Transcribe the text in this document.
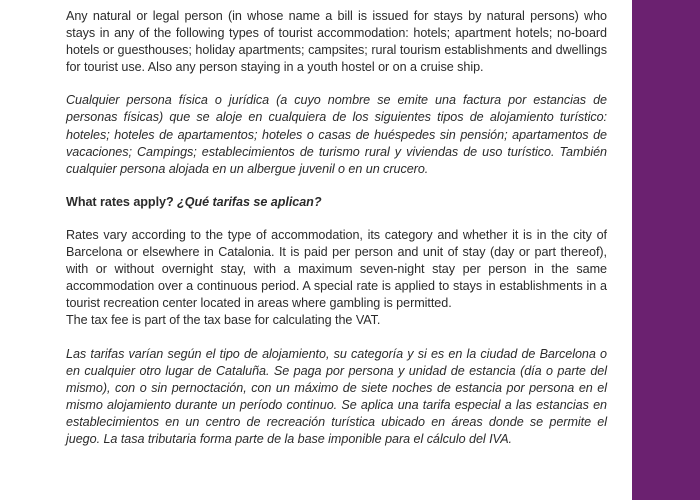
Any natural or legal person (in whose name a bill is issued for stays by natural persons) who stays in any of the following types of tourist accommodation: hotels; apartment hotels; no-board hotels or guesthouses; holiday apartments; campsites; rural tourism establishments and dwellings for tourist use. Also any person staying in a youth hostel or on a cruise ship.

Cualquier persona física o jurídica (a cuyo nombre se emite una factura por estancias de personas físicas) que se aloje en cualquiera de los siguientes tipos de alojamiento turístico: hoteles; hoteles de apartamentos; hoteles o casas de huéspedes sin pensión; apartamentos de vacaciones; Campings; establecimientos de turismo rural y viviendas de uso turístico. También cualquier persona alojada en un albergue juvenil o en un crucero.

What rates apply? ¿Qué tarifas se aplican?

Rates vary according to the type of accommodation, its category and whether it is in the city of Barcelona or elsewhere in Catalonia. It is paid per person and unit of stay (day or part thereof), with or without overnight stay, with a maximum seven-night stay per person in the same accommodation over a continuous period. A special rate is applied to stays in establishments in a tourist recreation center located in areas where gambling is permitted.

The tax fee is part of the tax base for calculating the VAT.

Las tarifas varían según el tipo de alojamiento, su categoría y si es en la ciudad de Barcelona o en cualquier otro lugar de Cataluña. Se paga por persona y unidad de estancia (día o parte del mismo), con o sin pernoctación, con un máximo de siete noches de estancia por persona en el mismo alojamiento durante un período continuo. Se aplica una tarifa especial a las estancias en establecimientos en un centro de recreación turística ubicado en áreas donde se permite el juego. La tasa tributaria forma parte de la base imponible para el cálculo del IVA.
